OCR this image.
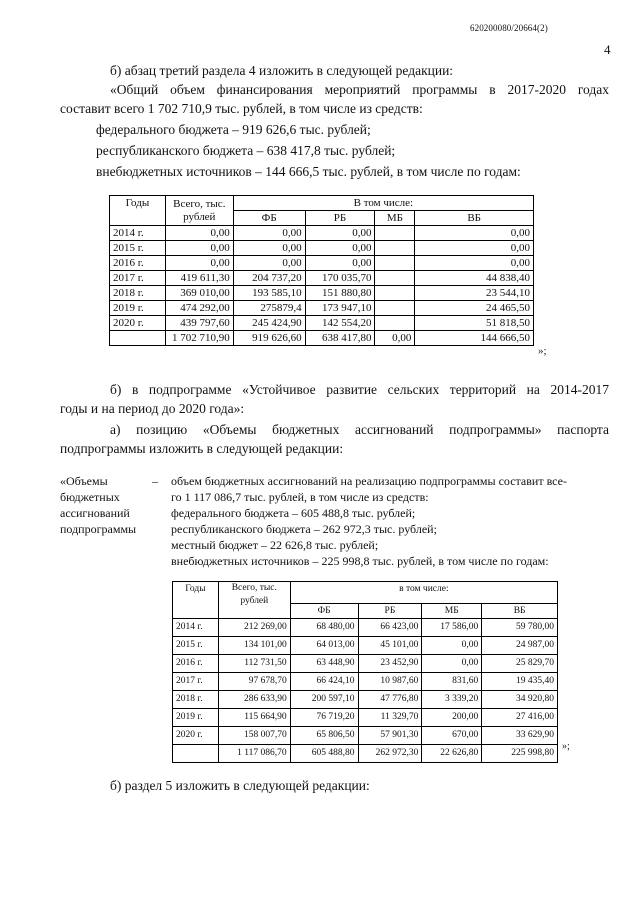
620200080/20664(2)
4
б) абзац третий раздела 4 изложить в следующей редакции:
«Общий объем финансирования мероприятий программы в 2017-2020 годах
составит всего 1 702 710,9 тыс. рублей, в том числе из средств:
федерального бюджета – 919 626,6 тыс. рублей;
республиканского бюджета – 638 417,8 тыс. рублей;
внебюджетных источников – 144 666,5 тыс. рублей, в том числе по годам:
Годы	Всего, тыс. рублей	В том числе:			
		ФБ	РБ	МБ	ВБ
2014 г.	0,00	0,00	0,00		0,00
2015 г.	0,00	0,00	0,00		0,00
2016 г.	0,00	0,00	0,00		0,00
2017 г.	419 611,30	204 737,20	170 035,70		44 838,40
2018 г.	369 010,00	193 585,10	151 880,80		23 544,10
2019 г.	474 292,00	275879,4	173 947,10		24 465,50
2020 г.	439 797,60	245 424,90	142 554,20		51 818,50
	1 702 710,90	919 626,60	638 417,80	0,00	144 666,50
»;
б) в подпрограмме «Устойчивое развитие сельских территорий на 2014-2017
годы и на период до 2020 года»:
а) позицию «Объемы бюджетных ассигнований подпрограммы» паспорта
подпрограммы изложить в следующей редакции:
«Объемы
бюджетных
ассигнований
подпрограммы
– объем бюджетных ассигнований на реализацию подпрограммы составит все-
го 1 117 086,7 тыс. рублей, в том числе из средств:
федерального бюджета – 605 488,8 тыс. рублей;
республиканского бюджета – 262 972,3 тыс. рублей;
местный бюджет – 22 626,8 тыс. рублей;
внебюджетных источников – 225 998,8 тыс. рублей, в том числе по годам:
Годы	Всего, тыс. рублей	в том числе:			
		ФБ	РБ	МБ	ВБ
2014 г.	212 269,00	68 480,00	66 423,00	17 586,00	59 780,00
2015 г.	134 101,00	64 013,00	45 101,00	0,00	24 987,00
2016 г.	112 731,50	63 448,90	23 452,90	0,00	25 829,70
2017 г.	97 678,70	66 424,10	10 987,60	831,60	19 435,40
2018 г.	286 633,90	200 597,10	47 776,80	3 339,20	34 920,80
2019 г.	115 664,90	76 719,20	11 329,70	200,00	27 416,00
2020 г.	158 007,70	65 806,50	57 901,30	670,00	33 629,90
	1 117 086,70	605 488,80	262 972,30	22 626,80	225 998,80
»;
б) раздел 5 изложить в следующей редакции:
